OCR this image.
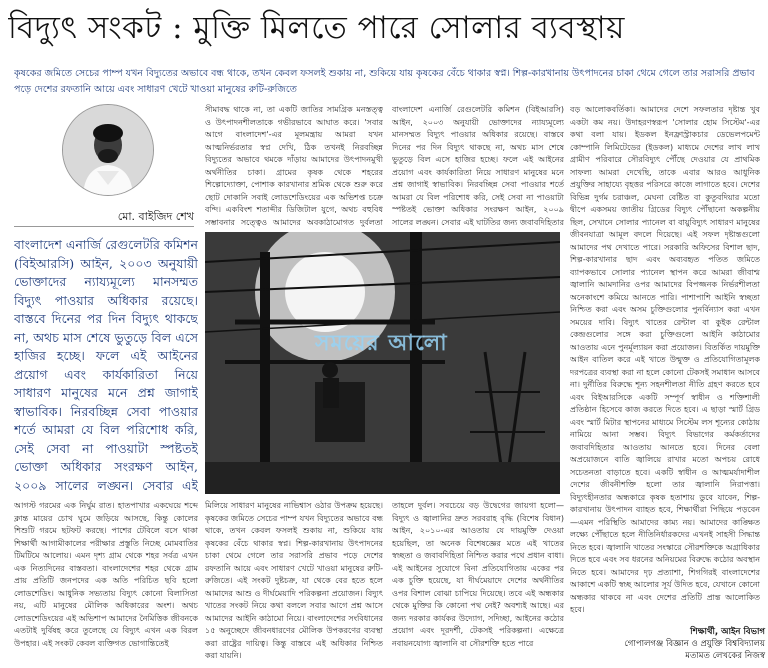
বিদ্যুৎ সংকট : মুক্তি মিলতে পারে সোলার ব্যবস্থায়
কৃষকের জমিতে সেচের পাম্প যখন বিদ্যুতের অভাবে বন্ধ থাকে, তখন কেবল ফসলই শুকায় না, শুকিয়ে যায় কৃষকের বেঁচে থাকার স্বপ্ন। শিল্প-কারখানায় উৎপাদনের চাকা থেমে গেলে তার সরাসরি প্রভাব পড়ে দেশের রফতানি আয়ে এবং সাধারণ খেটে খাওয়া মানুষের রুটি-রুজিতে
মো. বাইজিদ শেখ
বাংলাদেশ এনার্জি রেগুলেটরি কমিশন (বিইআরসি) আইন, ২০০৩ অনুযায়ী ভোক্তাদের ন্যায্যমূল্যে মানসম্মত বিদ্যুৎ পাওয়ার অধিকার রয়েছে। বাস্তবে দিনের পর দিন বিদ্যুৎ থাকছে না, অথচ মাস শেষে ভুতুড়ে বিল এসে হাজির হচ্ছে। ফলে এই আইনের প্রয়োগ এবং কার্যকারিতা নিয়ে সাধারণ মানুষের মনে প্রশ্ন জাগাই স্বাভাবিক। নিরবচ্ছিন্ন সেবা পাওয়ার শর্তে আমরা যে বিল পরিশোধ করি, সেই সেবা না পাওয়াটা স্পষ্টতই ভোক্তা অধিকার সংরক্ষণ আইন, ২০০৯ সালের লঙ্ঘন। সেবার এই
সীমাবদ্ধ থাকে না, তা একটি জাতির সামগ্রিক মনস্তত্ত্ব ও উৎপাদনশীলতাকে গভীরভাবে আঘাত করে। 'সবার আগে বাংলাদেশ'-এর মূলমন্ত্রায় আমরা যখন আত্মনির্ভরতার স্বপ্ন দেখি, ঠিক তখনই নিরবচ্ছিন্ন বিদ্যুতের অভাবে থমকে দাঁড়ায় আমাদের উৎপাদনমুখী অর্থনীতির চাকা। গ্রামের কৃষক থেকে শহরের শিল্পোদ্যোক্তা, পোশাক কারখানার শ্রমিক থেকে শুরু করে ছোট দোকানি সবাই লোডশেডিংয়ের এক অভিশপ্ত চক্রে বন্দি। একবিংশ শতাব্দীর ডিজিটাল যুগে, অথচ বহুবিধ সম্ভাবনার সত্ত্বেও আমাদের অবকাঠামোগত দুর্বলতা
বাংলাদেশ এনার্জি রেগুলেটরি কমিশন (বিইআরসি) আইন, ২০০৩ অনুযায়ী ভোক্তাদের ন্যায্যমূল্যে মানসম্মত বিদ্যুৎ পাওয়ার অধিকার রয়েছে। বাস্তবে দিনের পর দিন বিদ্যুৎ থাকছে না, অথচ মাস শেষে ভুতুড়ে বিল এসে হাজির হচ্ছে। ফলে এই আইনের প্রয়োগ এবং কার্যকারিতা নিয়ে সাধারণ মানুষের মনে প্রশ্ন জাগাই স্বাভাবিক। নিরবচ্ছিন্ন সেবা পাওয়ার শর্তে আমরা যে বিল পরিশোধ করি, সেই সেবা না পাওয়াটা স্পষ্টতই ভোক্তা অধিকার সংরক্ষণ আইন, ২০০৯ সালের লঙ্ঘন। সেবার এই ঘাটতির জন্য জবাবদিহিতার
বড় আলোকবর্তিকা। আমাদের দেশে সফলতার দৃষ্টান্ত খুব একটা কম নয়। উদাহরণস্বরূপ 'সোলার হোম সিস্টেম'-এর কথা বলা যায়। ইডকল ইনফ্রাস্ট্রাকচার ডেভেলপমেন্ট কোম্পানি লিমিটেডের (ইডকল) মাধ্যমে দেশের লাখ লাখ গ্রামীণ পরিবারে সৌরবিদ্যুৎ পৌঁছে দেওয়ার যে প্রাথমিক সাফল্য আমরা দেখেছি, তাকে এবার আরও আধুনিক প্রযুক্তির সাহায্যে বৃহত্তর পরিসরে কাজে লাগাতে হবে। দেশের বিভিন্ন দুর্গম চরাঞ্চল, মেঘনা বেষ্টিত বা কুতুবদিয়ার মতো দ্বীপে একসময় জাতীয় গ্রিডের বিদ্যুৎ পৌঁছানো অকল্পনীয় ছিল, সেখানে সোলার প্যানেল বা বায়ুবিদ্যুৎ সাধারণ মানুষের জীবনযাত্রা আমূল বদলে দিয়েছে। এই সফল দৃষ্টান্তগুলো আমাদের পথ দেখাতে পারে। সরকারি অফিসের বিশাল ছাদ, শিল্প-কারখানার ছাদ এবং অব্যবহৃত পতিত জমিতে ব্যাপকভাবে সোলার প্যানেল স্থাপন করে আমরা জীবাশ্ম জ্বালানি আমদানির ওপর আমাদের বিপজ্জনক নির্ভরশীলতা অনেকাংশে কমিয়ে আনতে পারি। পাশাপাশি আইনি স্বচ্ছতা নিশ্চিত করা এবং অসম চুক্তিগুলোর পুনর্বিন্যাস করা এখন সময়ের দাবি। বিদ্যুৎ খাতের রেন্টাল বা কুইক রেন্টাল কেন্দ্রগুলোর সঙ্গে করা চুক্তিগুলো আইনি কাঠামোর আওতায় এনে পুনর্মূল্যায়ন করা প্রয়োজন। বিতর্কিত দায়মুক্তি আইন বাতিল করে এই খাতে উন্মুক্ত ও প্রতিযোগিতামূলক দরপত্রের ব্যবস্থা করা না হলে কোনো টেকসই সমাধান আসবে না। দুর্নীতির বিরুদ্ধে শূন্য সহনশীলতা নীতি গ্রহণ করতে হবে এবং বিইআরসিকে একটি সম্পূর্ণ স্বাধীন ও শক্তিশালী প্রতিষ্ঠান হিসেবে কাজ করতে দিতে হবে। এ ছাড়া স্মার্ট গ্রিড এবং স্মার্ট মিটার স্থাপনের মাধ্যমে সিস্টেম লস শূন্যের কোঠায় নামিয়ে আনা সম্ভব। বিদ্যুৎ বিভাগের কর্মকর্তাদের জবাবদিহিতার আওতায় আনতে হবে। দিনের বেলা অপ্রয়োজনে বাতি জ্বালিয়ে রাখার মতো অপচয় রোধে সচেতনতা বাড়াতে হবে। একটি স্বাধীন ও আত্মমর্যাদাশীল দেশের জীবনীশক্তি হলো তার জ্বালানি নিরাপত্তা। বিদ্যুৎহীনতার অন্ধকারে কৃষক হতাশায় ডুবে যাবেন, শিল্প-কারখানায় উৎপাদন ব্যাহত হবে, শিক্ষার্থীরা পিছিয়ে পড়বেন—এমন পরিস্থিতি আমাদের কাম্য নয়। আমাদের কাঙ্ক্ষিত লক্ষ্যে পৌঁছাতে হলে নীতিনির্ধারকদের এখনই সাহসী সিদ্ধান্ত নিতে হবে। জ্বালানি খাতের সংস্কারে সৌরশক্তিকে অগ্রাধিকার দিতে হবে এবং সব ধরনের অনিয়মের বিরুদ্ধে কঠোর অবস্থান নিতে হবে। আমাদের দৃঢ় প্রত্যাশা, শিগগিরই বাংলাদেশের আকাশে একটি স্বচ্ছ আলোর সূর্য উদিত হবে, যেখানে কোনো অন্ধকার থাকবে না এবং দেশের প্রতিটি প্রান্ত আলোকিত হবে।
সময়ের আলো
আগস্ট গরমের এক নির্ঘুম রাত। হাতপাখার একঘেয়ে শব্দে ক্লান্ত মায়ের চোখ ঘুমে জড়িয়ে আসছে, কিন্তু কোলের শিশুটি গরমে ছটফট করছে। পাশের টেবিলে বসে থাকা শিক্ষার্থী আগামীকালের পরীক্ষার প্রস্তুতি নিচ্ছে মোমবাতির টিমটিমে আলোয়। এমন দৃশ্য গ্রাম থেকে শহর সর্বত্র এখন এক নিত্যদিনের বাস্তবতা। বাংলাদেশের শহর থেকে গ্রাম প্রায় প্রতিটি জনপদের এক অতি পরিচিত ছবি হলো লোডশেডিং। আধুনিক সভ্যতায় বিদ্যুৎ কোনো বিলাসিতা নয়, এটি মানুষের মৌলিক অধিকারের অংশ। অথচ লোডশেডিংয়ের এই অভিশাপ আমাদের নৈমিত্তিক জীবনকে এতটাই দুর্বিষহ করে তুলেছে যে বিদ্যুৎ এখন এক বিরল উপহার। এই সংকট কেবল ব্যক্তিগত ভোগান্তিতেই
মিলিয়ে সাধারণ মানুষের নাভিশ্বাস ওঠার উপক্রম হয়েছে। কৃষকের জমিতে সেচের পাম্প যখন বিদ্যুতের অভাবে বন্ধ থাকে, তখন কেবল ফসলই শুকায় না, শুকিয়ে যায় কৃষকের বেঁচে থাকার স্বপ্ন। শিল্প-কারখানায় উৎপাদনের চাকা থেমে গেলে তার সরাসরি প্রভাব পড়ে দেশের রফতানি আয়ে এবং সাধারণ খেটে খাওয়া মানুষের রুটি-রুজিতে। এই সংকট দুষ্টচক্র, যা থেকে বের হতে হলে আমাদের আশু ও দীর্ঘমেয়াদি পরিকল্পনা প্রয়োজন। বিদ্যুৎ খাতের সংকট নিয়ে কথা বললে সবার আগে প্রশ্ন আসে আমাদের আইনি কাঠামো নিয়ে। বাংলাদেশের সংবিধানের ১৫ অনুচ্ছেদে জীবনধারণের মৌলিক উপকরণের ব্যবস্থা করা রাষ্ট্রের দায়িত্ব। কিন্তু বাস্তবে এই অধিকার নিশ্চিত করা যায়নি।
তাহলে দুর্বল। সবচেয়ে বড় উদ্বেগের জায়গা হলো—বিদ্যুৎ ও জ্বালানির দ্রুত সরবরাহ বৃদ্ধি (বিশেষ বিধান) আইন, ২০১০-এর আওতায় যে দায়মুক্তি দেওয়া হয়েছিল, তা অনেক বিশেষজ্ঞের মতে এই খাতের স্বচ্ছতা ও জবাবদিহিতা নিশ্চিত করার পথে প্রধান বাধা। এই আইনের সুযোগে বিনা প্রতিযোগিতায় একের পর এক চুক্তি হয়েছে, যা দীর্ঘমেয়াদে দেশের অর্থনীতির ওপর বিশাল বোঝা চাপিয়ে দিয়েছে। তবে এই অন্ধকার থেকে মুক্তির কি কোনো পথ নেই? অবশ্যই আছে। এর জন্য দরকার কার্যকর উদ্যোগ, সদিচ্ছা, আইনের কঠোর প্রয়োগ এবং দূরদর্শী, টেকসই পরিকল্পনা। এক্ষেত্রে নবায়নযোগ্য জ্বালানি বা সৌরশক্তি হতে পারে
শিক্ষার্থী, আইন বিভাগ
গোপালগঞ্জ বিজ্ঞান ও প্রযুক্তি বিশ্ববিদ্যালয়
মতামত লেখকের নিজস্ব
